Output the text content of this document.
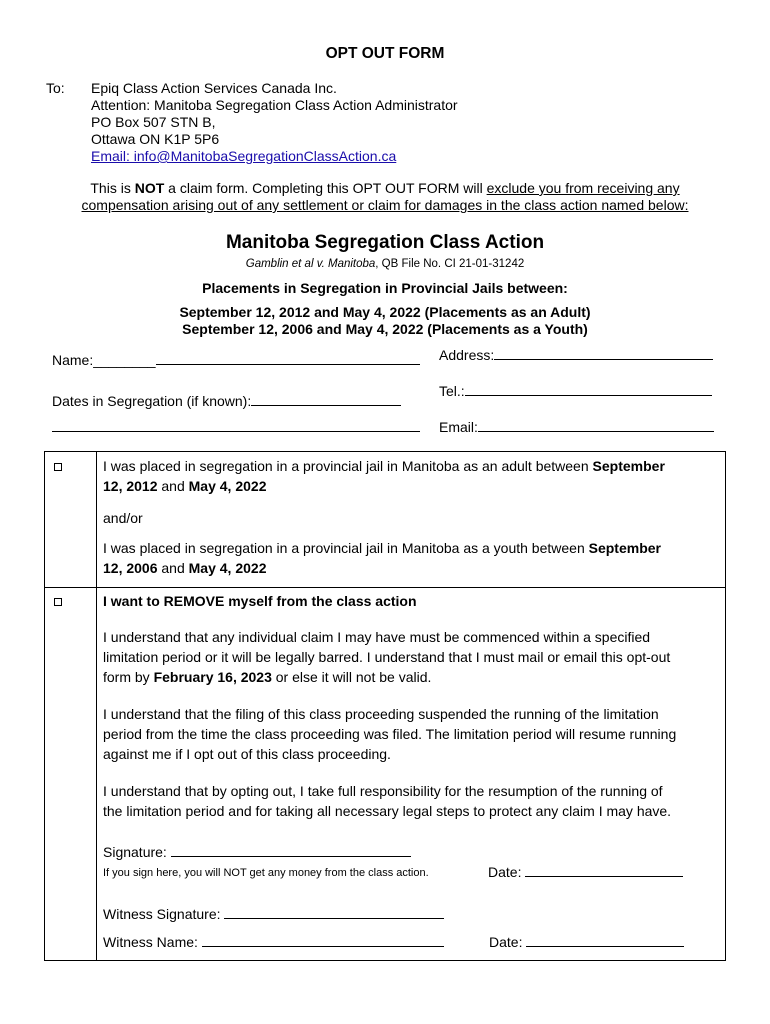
OPT OUT FORM
To: Epiq Class Action Services Canada Inc.
Attention: Manitoba Segregation Class Action Administrator
PO Box 507 STN B,
Ottawa ON K1P 5P6
Email: info@ManitobaSegregationClassAction.ca
This is NOT a claim form. Completing this OPT OUT FORM will exclude you from receiving any
compensation arising out of any settlement or claim for damages in the class action named below:
Manitoba Segregation Class Action
Gamblin et al v. Manitoba, QB File No. CI 21-01-31242
Placements in Segregation in Provincial Jails between:
September 12, 2012 and May 4, 2022 (Placements as an Adult)
September 12, 2006 and May 4, 2022 (Placements as a Youth)
Name:________
Dates in Segregation (if known):
Address:
Tel.:
Email:
I was placed in segregation in a provincial jail in Manitoba as an adult between September
12, 2012 and May 4, 2022
and/or
I was placed in segregation in a provincial jail in Manitoba as a youth between September
12, 2006 and May 4, 2022
I want to REMOVE myself from the class action
I understand that any individual claim I may have must be commenced within a specified
limitation period or it will be legally barred. I understand that I must mail or email this opt-out
form by February 16, 2023 or else it will not be valid.
I understand that the filing of this class proceeding suspended the running of the limitation
period from the time the class proceeding was filed. The limitation period will resume running
against me if I opt out of this class proceeding.
I understand that by opting out, I take full responsibility for the resumption of the running of
the limitation period and for taking all necessary legal steps to protect any claim I may have.
Signature:
If you sign here, you will NOT get any money from the class action.	Date:
Witness Signature:
Witness Name:	Date:
